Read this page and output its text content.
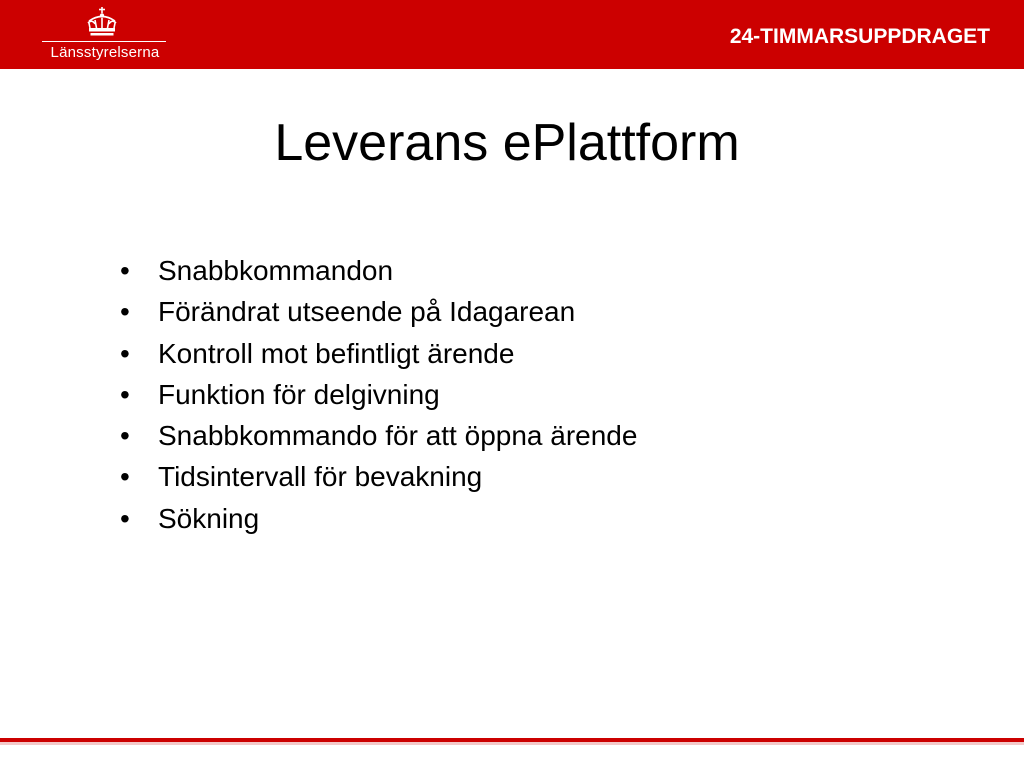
Länsstyrelserna
24-TIMMARSUPPDRAGET
Leverans ePlattform
•	Snabbkommandon
•	Förändrat utseende på Idagarean
•	Kontroll mot befintligt ärende
•	Funktion för delgivning
•	Snabbkommando för att öppna ärende
•	Tidsintervall för bevakning
•	Sökning
